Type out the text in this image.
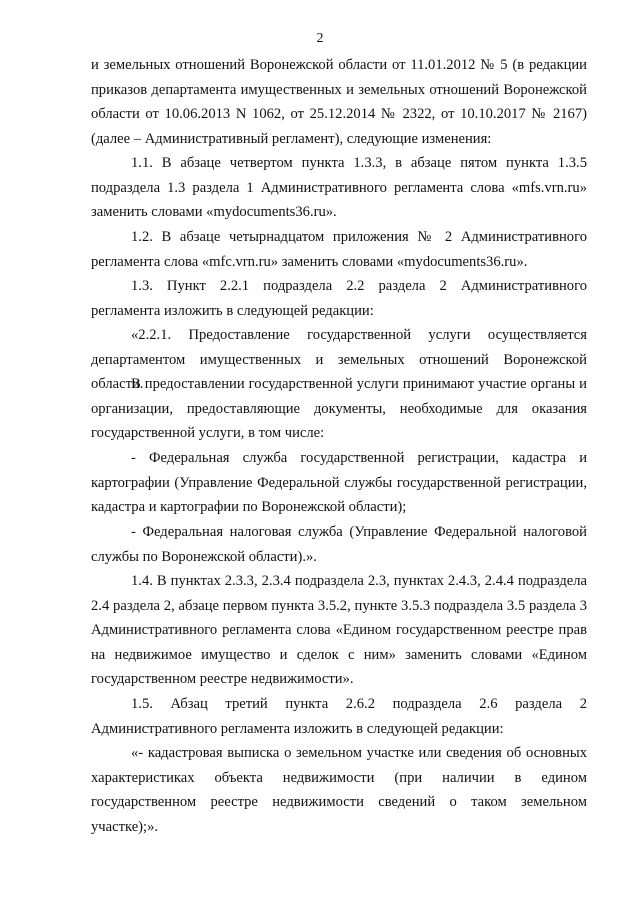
2

и земельных отношений Воронежской области от 11.01.2012 № 5 (в редакции приказов департамента имущественных и земельных отношений Воронежской области от 10.06.2013 N 1062, от 25.12.2014 № 2322, от 10.10.2017 № 2167) (далее – Административный регламент), следующие изменения:

1.1. В абзаце четвертом пункта 1.3.3, в абзаце пятом пункта 1.3.5 подраздела 1.3 раздела 1 Административного регламента слова «mfs.vrn.ru» заменить словами «mydocuments36.ru».

1.2. В абзаце четырнадцатом приложения № 2 Административного регламента слова «mfc.vrn.ru» заменить словами «mydocuments36.ru».

1.3. Пункт 2.2.1 подраздела 2.2 раздела 2 Административного регламента изложить в следующей редакции:

«2.2.1. Предоставление государственной услуги осуществляется департаментом имущественных и земельных отношений Воронежской области.

В предоставлении государственной услуги принимают участие органы и организации, предоставляющие документы, необходимые для оказания государственной услуги, в том числе:

- Федеральная служба государственной регистрации, кадастра и картографии (Управление Федеральной службы государственной регистрации, кадастра и картографии по Воронежской области);

- Федеральная налоговая служба (Управление Федеральной налоговой службы по Воронежской области).».

1.4. В пунктах 2.3.3, 2.3.4 подраздела 2.3, пунктах 2.4.3, 2.4.4 подраздела 2.4 раздела 2, абзаце первом пункта 3.5.2, пункте 3.5.3 подраздела 3.5 раздела 3 Административного регламента слова «Едином государственном реестре прав на недвижимое имущество и сделок с ним» заменить словами «Едином государственном реестре недвижимости».

1.5. Абзац третий пункта 2.6.2 подраздела 2.6 раздела 2 Административного регламента изложить в следующей редакции:

«- кадастровая выписка о земельном участке или сведения об основных характеристиках объекта недвижимости (при наличии в едином государственном реестре недвижимости сведений о таком земельном участке);».
